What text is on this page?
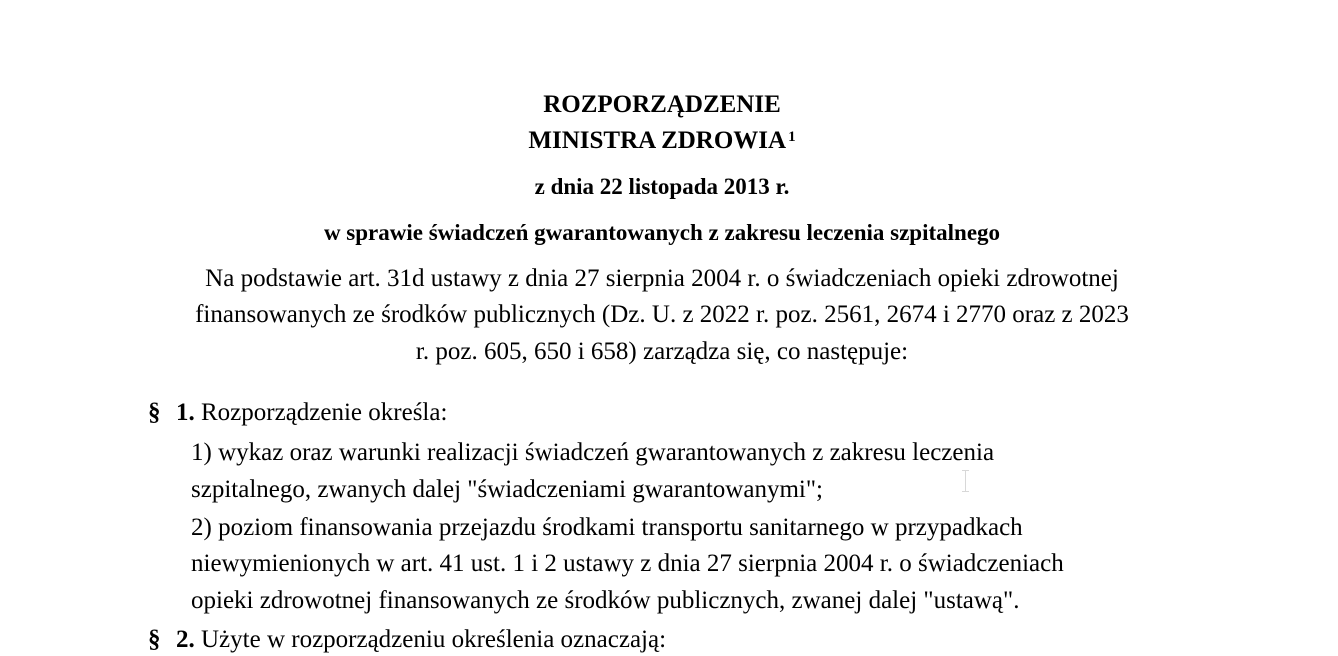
ROZPORZĄDZENIE
MINISTRA ZDROWIA $^1$
z dnia 22 listopada 2013 r.
w sprawie świadczeń gwarantowanych z zakresu leczenia szpitalnego
Na podstawie art. 31d ustawy z dnia 27 sierpnia 2004 r. o świadczeniach opieki zdrowotnej
finansowanych ze środków publicznych (Dz. U. z 2022 r. poz. 2561, 2674 i 2770 oraz z 2023
r. poz. 605, 650 i 658) zarządza się, co następuje:
§ 1. Rozporządzenie określa:
1) wykaz oraz warunki realizacji świadczeń gwarantowanych z zakresu leczenia
szpitalnego, zwanych dalej "świadczeniami gwarantowanymi";
2) poziom finansowania przejazdu środkami transportu sanitarnego w przypadkach
niewymienionych w art. 41 ust. 1 i 2 ustawy z dnia 27 sierpnia 2004 r. o świadczeniach
opieki zdrowotnej finansowanych ze środków publicznych, zwanej dalej "ustawą".
§ 2. Użyte w rozporządzeniu określenia oznaczają:
